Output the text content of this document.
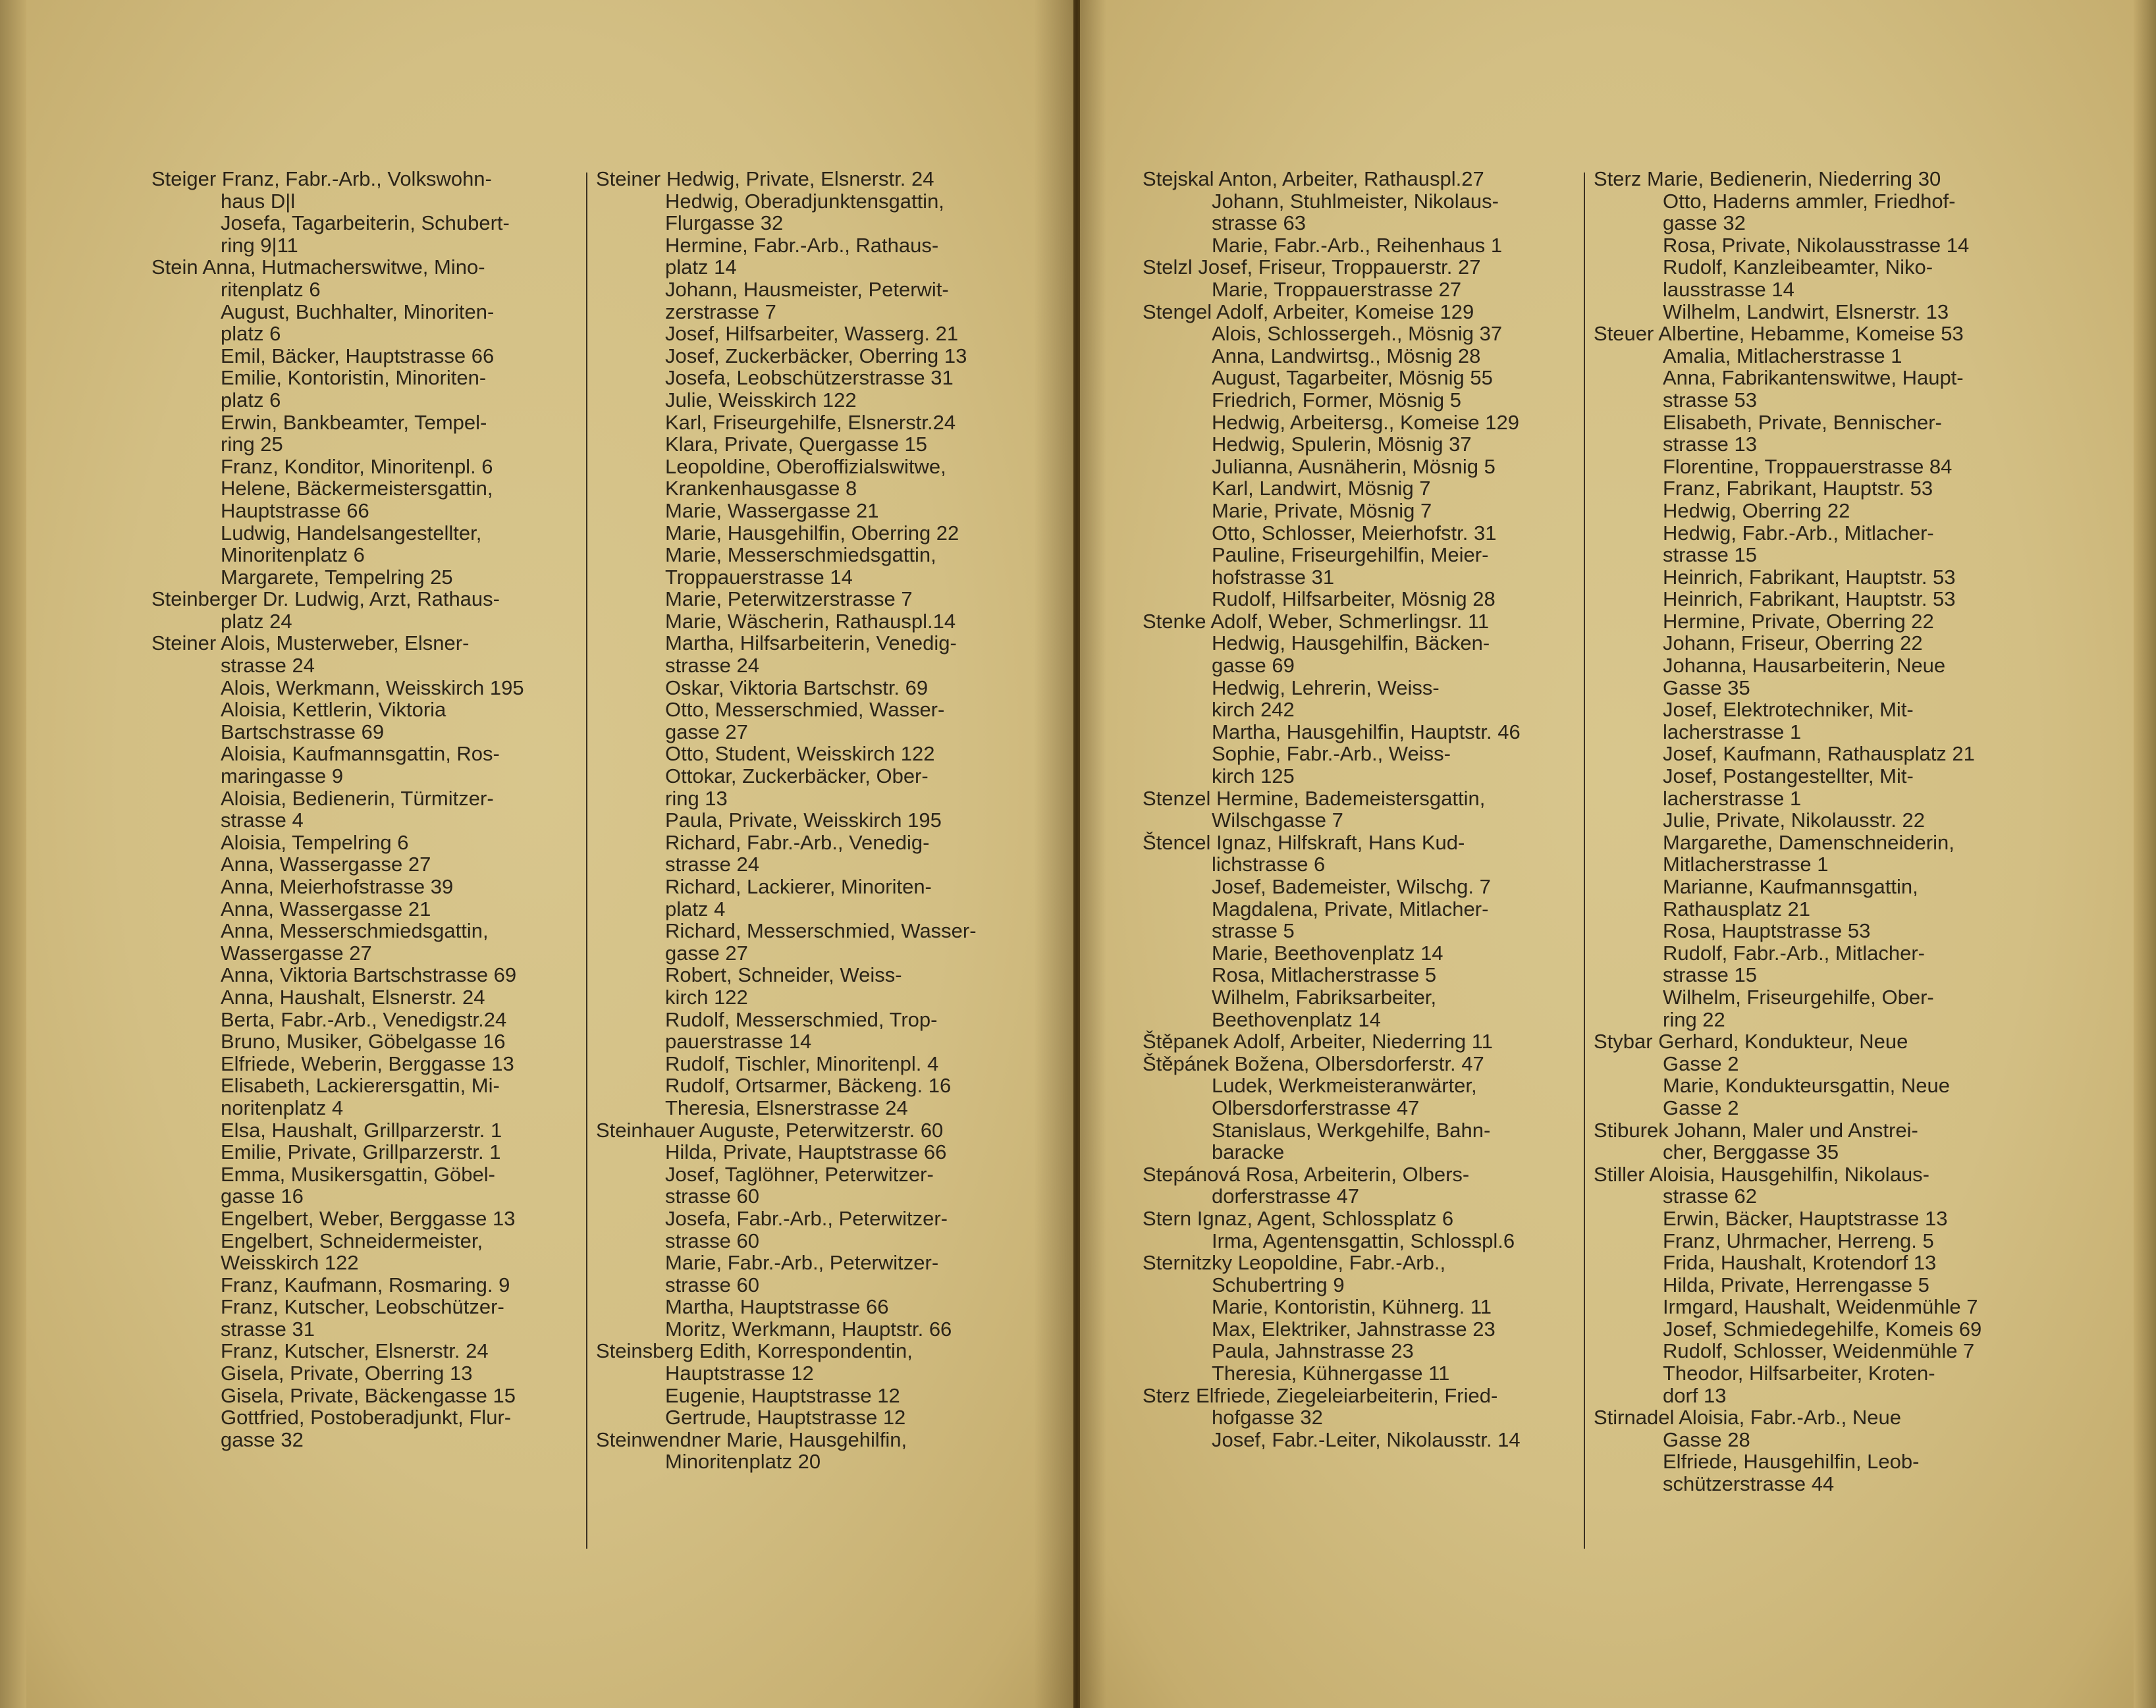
Steiger Franz, Fabr.-Arb., Volkswohn-
haus D|l

Josefa, Tagarbeiterin, Schubert-
ring 9|11

Stein Anna, Hutmacherswitwe, Mino-
ritenplatz 6

August, Buchhalter, Minoriten-
platz 6

Emil, Bäcker, Hauptstrasse 66

Emilie, Kontoristin, Minoriten-
platz 6

Erwin, Bankbeamter, Tempel-
ring 25

Franz, Konditor, Minoritenpl. 6

Helene, Bäckermeistersgattin,
Hauptstrasse 66

Ludwig, Handelsangestellter,
Minoritenplatz 6

Margarete, Tempelring 25

Steinberger Dr. Ludwig, Arzt, Rathaus-
platz 24

Steiner Alois, Musterweber, Elsner-
strasse 24

Alois, Werkmann, Weisskirch 195

Aloisia, Kettlerin, Viktoria
Bartschstrasse 69

Aloisia, Kaufmannsgattin, Ros-
maringasse 9

Aloisia, Bedienerin, Türmitzer-
strasse 4

Aloisia, Tempelring 6

Anna, Wassergasse 27

Anna, Meierhofstrasse 39

Anna, Wassergasse 21

Anna, Messerschmiedsgattin,
Wassergasse 27

Anna, Viktoria Bartschstrasse 69

Anna, Haushalt, Elsnerstr. 24

Berta, Fabr.-Arb., Venedigstr.24

Bruno, Musiker, Göbelgasse 16

Elfriede, Weberin, Berggasse 13

Elisabeth, Lackierersgattin, Mi-
noritenplatz 4

Elsa, Haushalt, Grillparzerstr. 1

Emilie, Private, Grillparzerstr. 1

Emma, Musikersgattin, Göbel-
gasse 16

Engelbert, Weber, Berggasse 13

Engelbert, Schneidermeister,
Weisskirch 122

Franz, Kaufmann, Rosmaring. 9

Franz, Kutscher, Leobschützer-
strasse 31

Franz, Kutscher, Elsnerstr. 24

Gisela, Private, Oberring 13

Gisela, Private, Bäckengasse 15

Gottfried, Postoberadjunkt, Flur-
gasse 32

Steiner Hedwig, Private, Elsnerstr. 24

Hedwig, Oberadjunktensgattin,
Flurgasse 32

Hermine, Fabr.-Arb., Rathaus-
platz 14

Johann, Hausmeister, Peterwit-
zerstrasse 7

Josef, Hilfsarbeiter, Wasserg. 21

Josef, Zuckerbäcker, Oberring 13

Josefa, Leobschützerstrasse 31

Julie, Weisskirch 122

Karl, Friseurgehilfe, Elsnerstr.24

Klara, Private, Quergasse 15

Leopoldine, Oberoffizialswitwe,
Krankenhausgasse 8

Marie, Wassergasse 21

Marie, Hausgehilfin, Oberring 22

Marie, Messerschmiedsgattin,
Troppauerstrasse 14

Marie, Peterwitzerstrasse 7

Marie, Wäscherin, Rathauspl.14

Martha, Hilfsarbeiterin, Venedig-
strasse 24

Oskar, Viktoria Bartschstr. 69

Otto, Messerschmied, Wasser-
gasse 27

Otto, Student, Weisskirch 122

Ottokar, Zuckerbäcker, Ober-
ring 13

Paula, Private, Weisskirch 195

Richard, Fabr.-Arb., Venedig-
strasse 24

Richard, Lackierer, Minoriten-
platz 4

Richard, Messerschmied, Wasser-
gasse 27

Robert, Schneider, Weiss-
kirch 122

Rudolf, Messerschmied, Trop-
pauerstrasse 14

Rudolf, Tischler, Minoritenpl. 4

Rudolf, Ortsarmer, Bäckeng. 16

Theresia, Elsnerstrasse 24

Steinhauer Auguste, Peterwitzerstr. 60

Hilda, Private, Hauptstrasse 66

Josef, Taglöhner, Peterwitzer-
strasse 60

Josefa, Fabr.-Arb., Peterwitzer-
strasse 60

Marie, Fabr.-Arb., Peterwitzer-
strasse 60

Martha, Hauptstrasse 66

Moritz, Werkmann, Hauptstr. 66

Steinsberg Edith, Korrespondentin,
Hauptstrasse 12

Eugenie, Hauptstrasse 12

Gertrude, Hauptstrasse 12

Steinwendner Marie, Hausgehilfin,
Minoritenplatz 20

Stejskal Anton, Arbeiter, Rathauspl.27

Johann, Stuhlmeister, Nikolaus-
strasse 63

Marie, Fabr.-Arb., Reihenhaus 1

Stelzl Josef, Friseur, Troppauerstr. 27

Marie, Troppauerstrasse 27

Stengel Adolf, Arbeiter, Komeise 129

Alois, Schlossergeh., Mösnig 37

Anna, Landwirtsg., Mösnig 28

August, Tagarbeiter, Mösnig 55

Friedrich, Former, Mösnig 5

Hedwig, Arbeitersg., Komeise 129

Hedwig, Spulerin, Mösnig 37

Julianna, Ausnäherin, Mösnig 5

Karl, Landwirt, Mösnig 7

Marie, Private, Mösnig 7

Otto, Schlosser, Meierhofstr. 31

Pauline, Friseurgehilfin, Meier-
hofstrasse 31

Rudolf, Hilfsarbeiter, Mösnig 28

Stenke Adolf, Weber, Schmerlingsr. 11

Hedwig, Hausgehilfin, Bäcken-
gasse 69

Hedwig, Lehrerin, Weiss-
kirch 242

Martha, Hausgehilfin, Hauptstr. 46

Sophie, Fabr.-Arb., Weiss-
kirch 125

Stenzel Hermine, Bademeistersgattin,
Wilschgasse 7

Štencel Ignaz, Hilfskraft, Hans Kud-
lichstrasse 6

Josef, Bademeister, Wilschg. 7

Magdalena, Private, Mitlacher-
strasse 5

Marie, Beethovenplatz 14

Rosa, Mitlacherstrasse 5

Wilhelm, Fabriksarbeiter,
Beethovenplatz 14

Štěpanek Adolf, Arbeiter, Niederring 11

Štěpánek Božena, Olbersdorferstr. 47

Ludek, Werkmeisteranwärter,
Olbersdorferstrasse 47

Stanislaus, Werkgehilfe, Bahn-
baracke

Stepánová Rosa, Arbeiterin, Olbers-
dorferstrasse 47

Stern Ignaz, Agent, Schlossplatz 6

Irma, Agentensgattin, Schlosspl.6

Sternitzky Leopoldine, Fabr.-Arb.,
Schubertring 9

Marie, Kontoristin, Kühnerg. 11

Max, Elektriker, Jahnstrasse 23

Paula, Jahnstrasse 23

Theresia, Kühnergasse 11

Sterz Elfriede, Ziegeleiarbeiterin, Fried-
hofgasse 32

Josef, Fabr.-Leiter, Nikolausstr. 14

Sterz Marie, Bedienerin, Niederring 30

Otto, Haderns ammler, Friedhof-
gasse 32

Rosa, Private, Nikolausstrasse 14

Rudolf, Kanzleibeamter, Niko-
lausstrasse 14

Wilhelm, Landwirt, Elsnerstr. 13

Steuer Albertine, Hebamme, Komeise 53

Amalia, Mitlacherstrasse 1

Anna, Fabrikantenswitwe, Haupt-
strasse 53

Elisabeth, Private, Bennischer-
strasse 13

Florentine, Troppauerstrasse 84

Franz, Fabrikant, Hauptstr. 53

Hedwig, Oberring 22

Hedwig, Fabr.-Arb., Mitlacher-
strasse 15

Heinrich, Fabrikant, Hauptstr. 53

Heinrich, Fabrikant, Hauptstr. 53

Hermine, Private, Oberring 22

Johann, Friseur, Oberring 22

Johanna, Hausarbeiterin, Neue
Gasse 35

Josef, Elektrotechniker, Mit-
lacherstrasse 1

Josef, Kaufmann, Rathausplatz 21

Josef, Postangestellter, Mit-
lacherstrasse 1

Julie, Private, Nikolausstr. 22

Margarethe, Damenschneiderin,
Mitlacherstrasse 1

Marianne, Kaufmannsgattin,
Rathausplatz 21

Rosa, Hauptstrasse 53

Rudolf, Fabr.-Arb., Mitlacher-
strasse 15

Wilhelm, Friseurgehilfe, Ober-
ring 22

Stybar Gerhard, Kondukteur, Neue
Gasse 2

Marie, Kondukteursgattin, Neue
Gasse 2

Stiburek Johann, Maler und Anstrei-
cher, Berggasse 35

Stiller Aloisia, Hausgehilfin, Nikolaus-
strasse 62

Erwin, Bäcker, Hauptstrasse 13

Franz, Uhrmacher, Herreng. 5

Frida, Haushalt, Krotendorf 13

Hilda, Private, Herrengasse 5

Irmgard, Haushalt, Weidenmühle 7

Josef, Schmiedegehilfe, Komeis 69

Rudolf, Schlosser, Weidenmühle 7

Theodor, Hilfsarbeiter, Kroten-
dorf 13

Stirnadel Aloisia, Fabr.-Arb., Neue
Gasse 28

Elfriede, Hausgehilfin, Leob-
schützerstrasse 44
